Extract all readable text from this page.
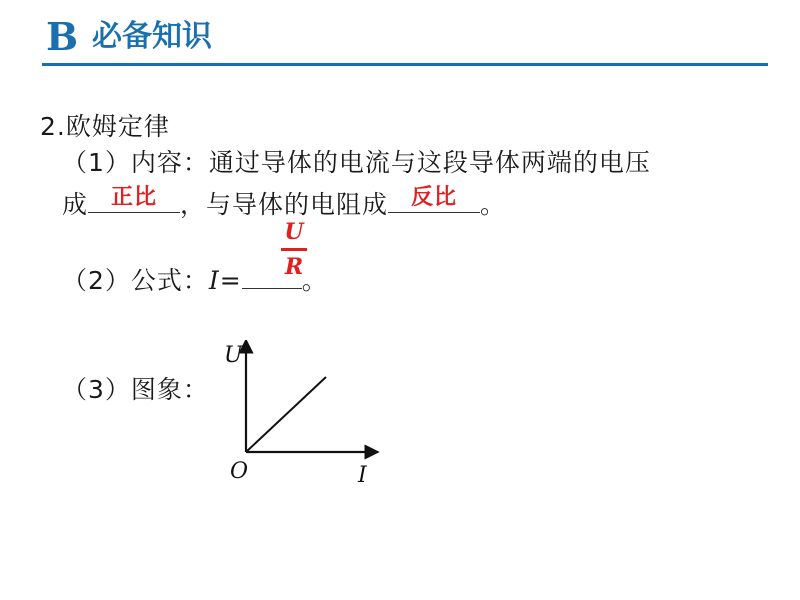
B 必备知识
2.欧姆定律
（1）内容：通过导体的电流与这段导体两端的电压
成	正比 ，与导体的电阻成	反比 。
（2）公式：I= 。
U
R
（3）图象：
U
I
O
